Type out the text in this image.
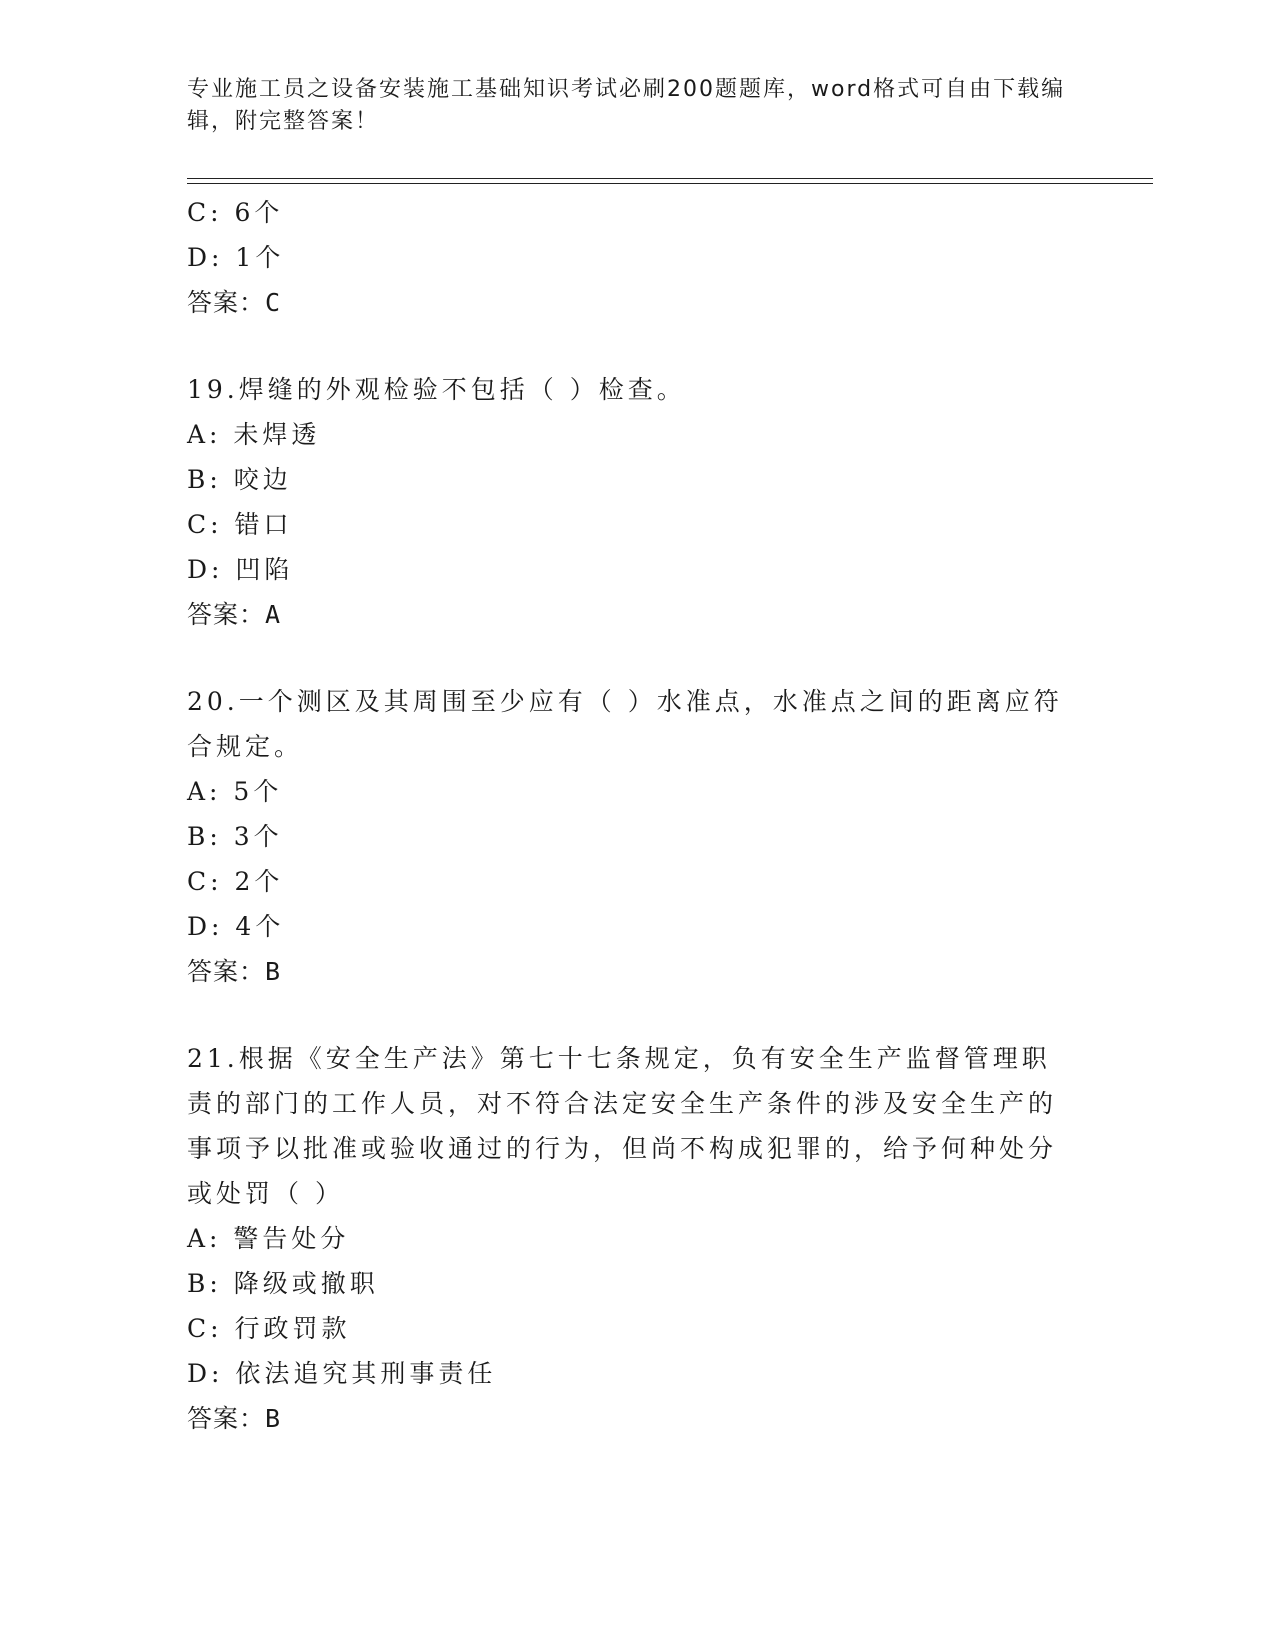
专业施工员之设备安装施工基础知识考试必刷200题题库，word格式可自由下载编辑，附完整答案！
C: 6个
D: 1个
答案：C
19.焊缝的外观检验不包括（ ）检查。
A: 未焊透
B: 咬边
C: 错口
D: 凹陷
答案：A
20.一个测区及其周围至少应有（ ）水准点，水准点之间的距离应符合规定。
A: 5个
B: 3个
C: 2个
D: 4个
答案：B
21.根据《安全生产法》第七十七条规定，负有安全生产监督管理职责的部门的工作人员，对不符合法定安全生产条件的涉及安全生产的事项予以批准或验收通过的行为，但尚不构成犯罪的，给予何种处分或处罚（ ）
A: 警告处分
B: 降级或撤职
C: 行政罚款
D: 依法追究其刑事责任
答案：B
